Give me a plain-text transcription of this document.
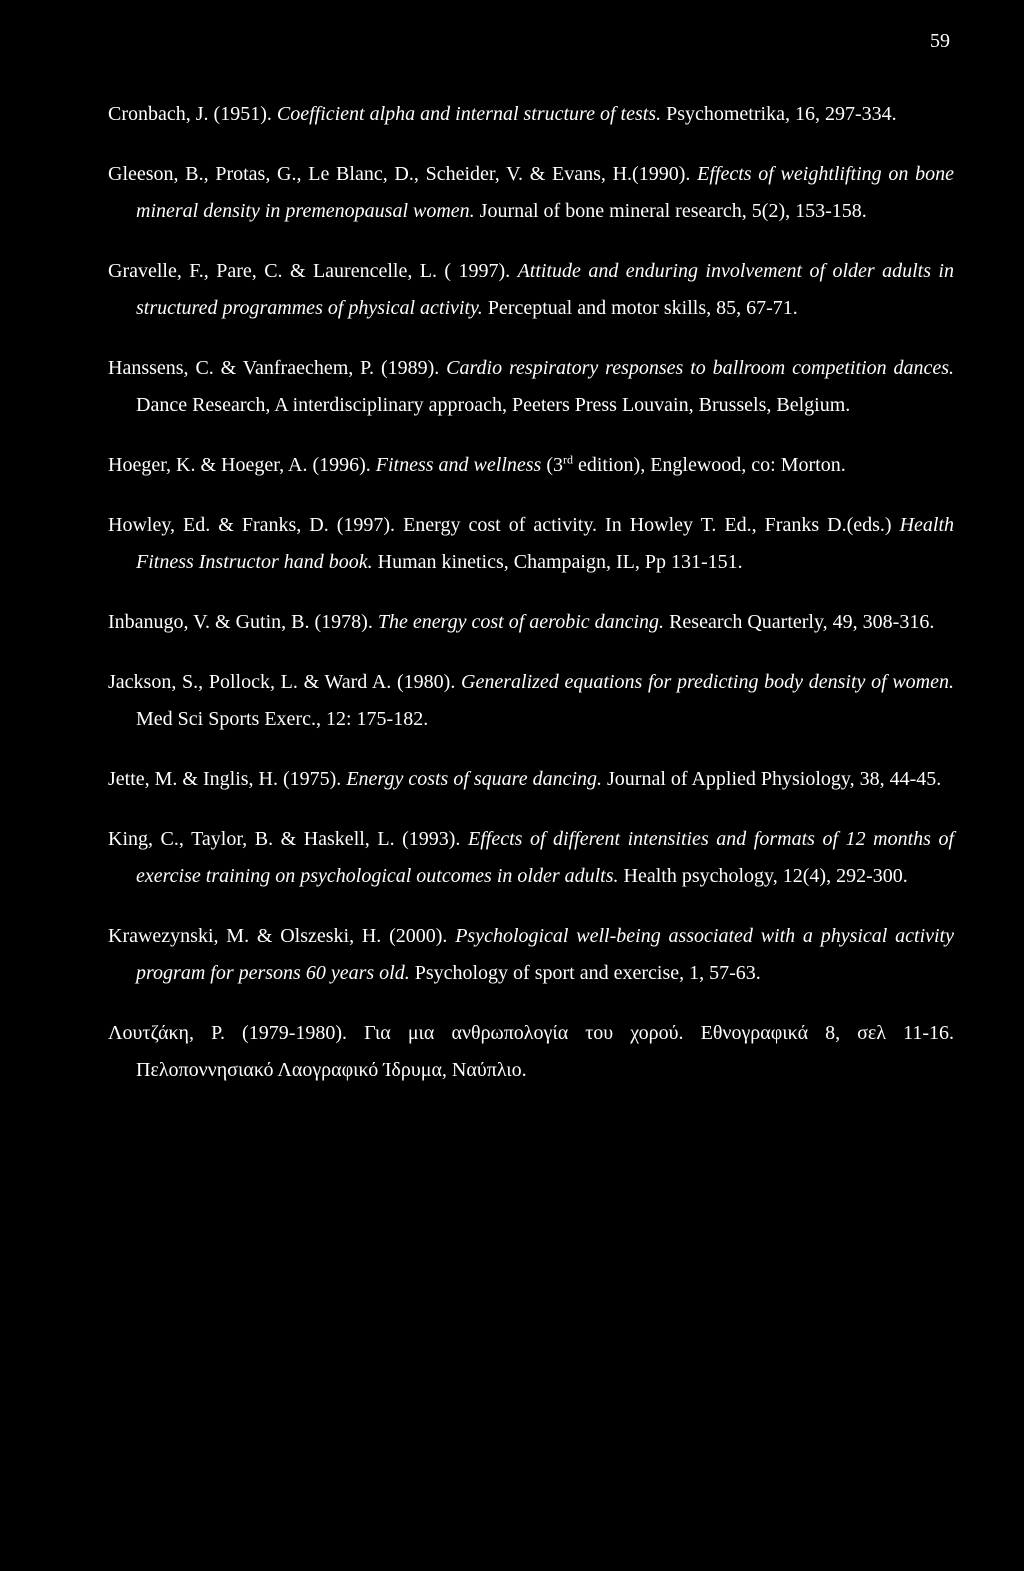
59

Cronbach, J. (1951). Coefficient alpha and internal structure of tests. Psychometrika, 16, 297-334.

Gleeson, B., Protas, G., Le Blanc, D., Scheider, V. & Evans, H.(1990). Effects of weightlifting on bone mineral density in premenopausal women. Journal of bone mineral research, 5(2), 153-158.

Gravelle, F., Pare, C. & Laurencelle, L. ( 1997). Attitude and enduring involvement of older adults in structured programmes of physical activity. Perceptual and motor skills, 85, 67-71.

Hanssens, C. & Vanfraechem, P. (1989). Cardio respiratory responses to ballroom competition dances. Dance Research, A interdisciplinary approach, Peeters Press Louvain, Brussels, Belgium.

Hoeger, K. & Hoeger, A. (1996). Fitness and wellness (3rd edition), Englewood, co: Morton.

Howley, Ed. & Franks, D. (1997). Energy cost of activity. In Howley T. Ed., Franks D.(eds.) Health Fitness Instructor hand book. Human kinetics, Champaign, IL, Pp 131-151.

Inbanugo, V. & Gutin, B. (1978). The energy cost of aerobic dancing. Research Quarterly, 49, 308-316.

Jackson, S., Pollock, L. & Ward A. (1980). Generalized equations for predicting body density of women. Med Sci Sports Exerc., 12: 175-182.

Jette, M. & Inglis, H. (1975). Energy costs of square dancing. Journal of Applied Physiology, 38, 44-45.

King, C., Taylor, B. & Haskell, L. (1993). Effects of different intensities and formats of 12 months of exercise training on psychological outcomes in older adults. Health psychology, 12(4), 292-300.

Krawezynski, M. & Olszeski, H. (2000). Psychological well-being associated with a physical activity program for persons 60 years old. Psychology of sport and exercise, 1, 57-63.

Λουτζάκη, Ρ. (1979-1980). Για μια ανθρωπολογία του χορού. Εθνογραφικά 8, σελ 11-16. Πελοποννησιακό Λαογραφικό Ίδρυμα, Ναύπλιο.
